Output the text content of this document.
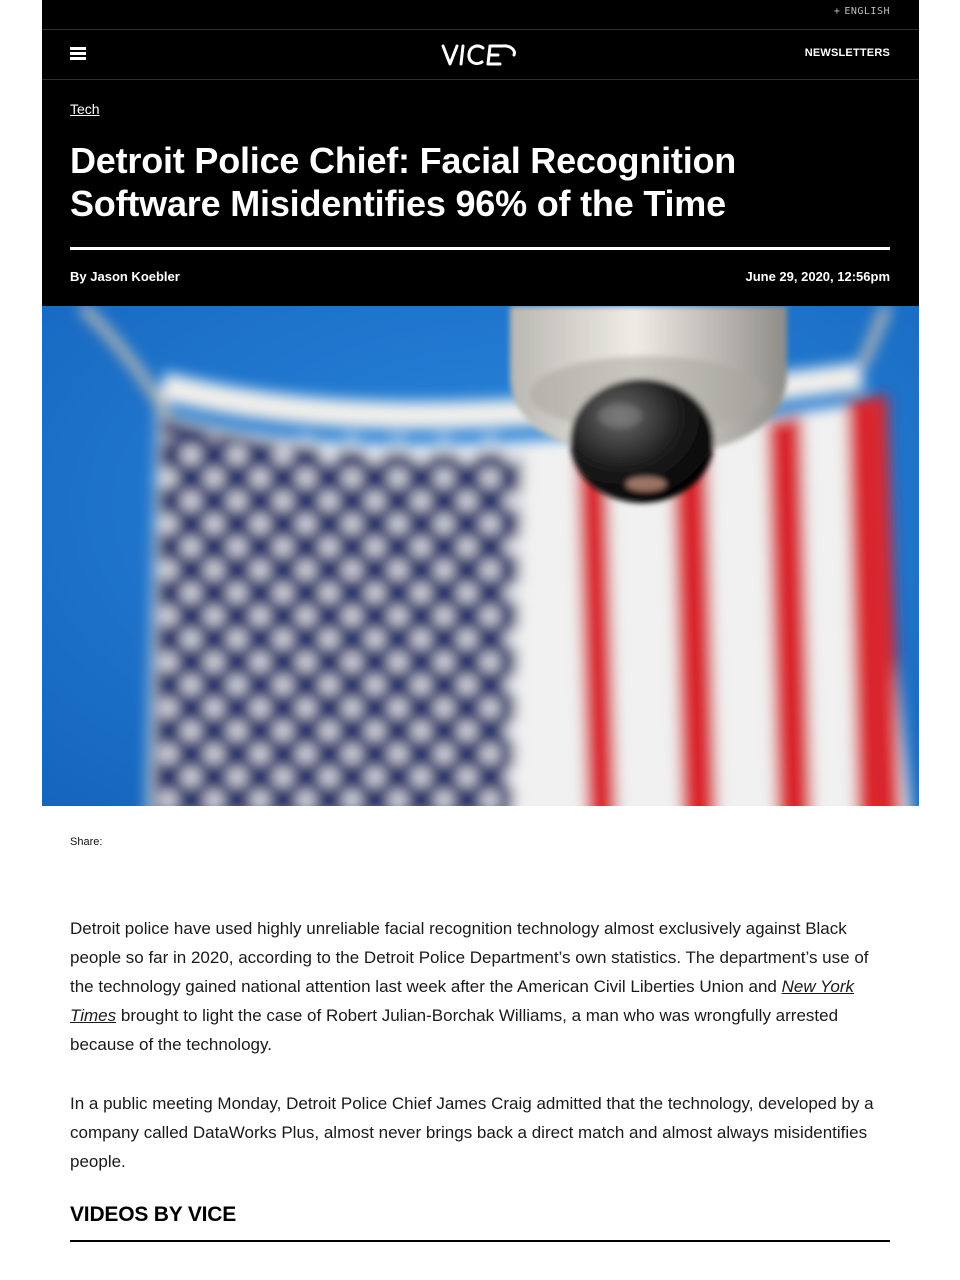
+ ENGLISH
NEWSLETTERS
Tech
Detroit Police Chief: Facial Recognition Software Misidentifies 96% of the Time
By Jason Koebler	June 29, 2020, 12:56pm
Share:

Detroit police have used highly unreliable facial recognition technology almost exclusively against Black people so far in 2020, according to the Detroit Police Department’s own statistics. The department’s use of the technology gained national attention last week after the American Civil Liberties Union and New York Times brought to light the case of Robert Julian-Borchak Williams, a man who was wrongfully arrested because of the technology.

In a public meeting Monday, Detroit Police Chief James Craig admitted that the technology, developed by a company called DataWorks Plus, almost never brings back a direct match and almost always misidentifies people.

VIDEOS BY VICE
